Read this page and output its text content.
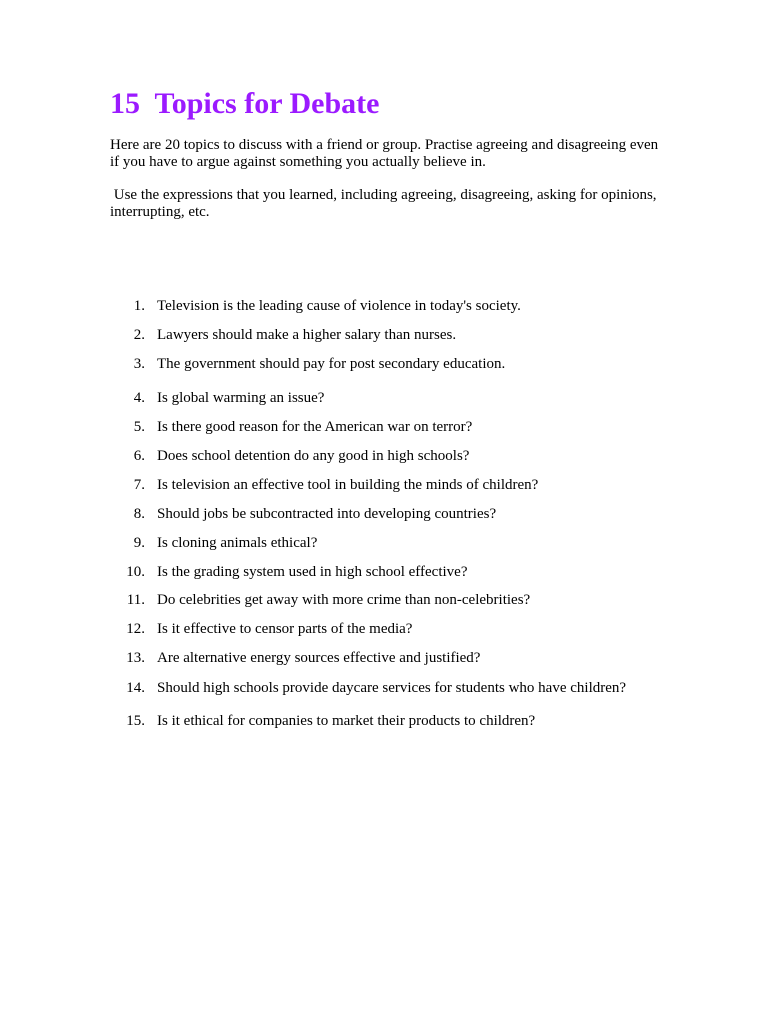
15  Topics for Debate

Here are 20 topics to discuss with a friend or group. Practise agreeing and disagreeing even if you have to argue against something you actually believe in.

Use the expressions that you learned, including agreeing, disagreeing, asking for opinions, interrupting, etc.

1. Television is the leading cause of violence in today's society.
2. Lawyers should make a higher salary than nurses.
3. The government should pay for post secondary education.
4. Is global warming an issue?
5. Is there good reason for the American war on terror?
6. Does school detention do any good in high schools?
7. Is television an effective tool in building the minds of children?
8. Should jobs be subcontracted into developing countries?
9. Is cloning animals ethical?
10. Is the grading system used in high school effective?
11. Do celebrities get away with more crime than non-celebrities?
12. Is it effective to censor parts of the media?
13. Are alternative energy sources effective and justified?
14. Should high schools provide daycare services for students who have children?
15. Is it ethical for companies to market their products to children?
